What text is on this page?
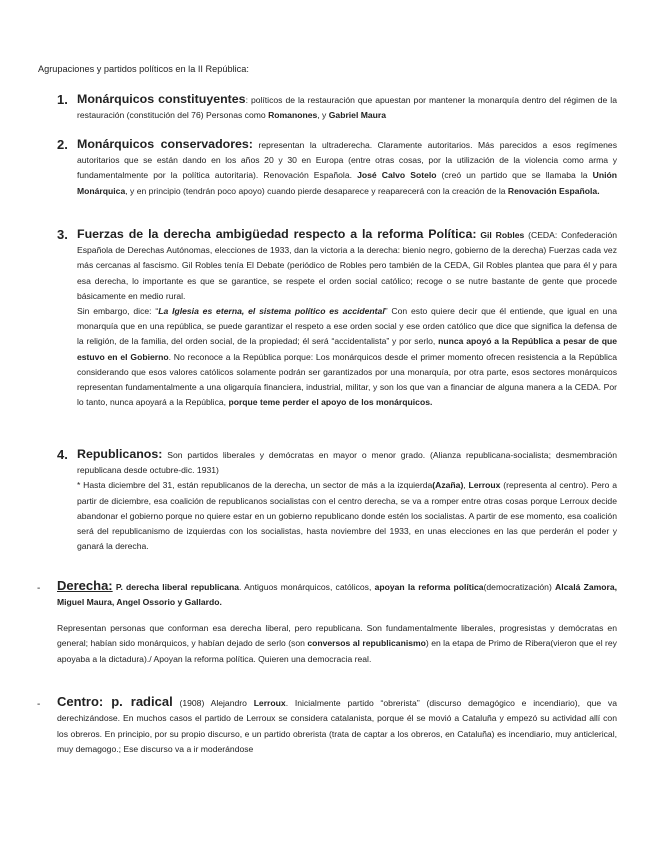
Agrupaciones y partidos políticos en la II República:
1. Monárquicos constituyentes: políticos de la restauración que apuestan por mantener la monarquía dentro del régimen de la restauración (constitución del 76) Personas como Romanones, y Gabriel Maura
2. Monárquicos conservadores: representan la ultraderecha. Claramente autoritarios. Más parecidos a esos regímenes autoritarios que se están dando en los años 20 y 30 en Europa (entre otras cosas, por la utilización de la violencia como arma y fundamentalmente por la política autoritaria). Renovación Española. José Calvo Sotelo (creó un partido que se llamaba la Unión Monárquica, y en principio (tendrán poco apoyo) cuando pierde desaparece y reaparecerá con la creación de la Renovación Española.
3. Fuerzas de la derecha ambigüedad respecto a la reforma Política: Gil Robles (CEDA: Confederación Española de Derechas Autónomas, elecciones de 1933, dan la victoria a la derecha: bienio negro, gobierno de la derecha) Fuerzas cada vez más cercanas al fascismo. Gil Robles tenía El Debate (periódico de Robles pero también de la CEDA, Gil Robles plantea que para él y para esa derecha, lo importante es que se garantice, se respete el orden social católico; recoge o se nutre bastante de gente que procede básicamente en medio rural.
Sin embargo, dice: “La Iglesia es eterna, el sistema político es accidental” Con esto quiere decir que él entiende, que igual en una monarquía que en una república, se puede garantizar el respeto a ese orden social y ese orden católico que dice que significa la defensa de la religión, de la familia, del orden social, de la propiedad; él será “accidentalista” y por serlo, nunca apoyó a la República a pesar de que estuvo en el Gobierno. No reconoce a la República porque: Los monárquicos desde el primer momento ofrecen resistencia a la República considerando que esos valores católicos solamente podrán ser garantizados por una monarquía, por otra parte, esos sectores monárquicos representan fundamentalmente a una oligarquía financiera, industrial, militar, y son los que van a financiar de alguna manera a la CEDA. Por lo tanto, nunca apoyará a la República, porque teme perder el apoyo de los monárquicos.
4. Republicanos: Son partidos liberales y demócratas en mayor o menor grado. (Alianza republicana-socialista; desmembración republicana desde octubre-dic. 1931)
* Hasta diciembre del 31, están republicanos de la derecha, un sector de más a la izquierda(Azaña), Lerroux (representa al centro). Pero a partir de diciembre, esa coalición de republicanos socialistas con el centro derecha, se va a romper entre otras cosas porque Lerroux decide abandonar el gobierno porque no quiere estar en un gobierno republicano donde estén los socialistas. A partir de ese momento, esa coalición será del republicanismo de izquierdas con los socialistas, hasta noviembre del 1933, en unas elecciones en las que perderán el poder y ganará la derecha.
- Derecha: P. derecha liberal republicana. Antiguos monárquicos, católicos, apoyan la reforma política(democratización) Alcalá Zamora, Miguel Maura, Angel Ossorio y Gallardo.
Representan personas que conforman esa derecha liberal, pero republicana. Son fundamentalmente liberales, progresistas y demócratas en general; habían sido monárquicos, y habían dejado de serlo (son conversos al republicanismo) en la etapa de Primo de Ribera(vieron que el rey apoyaba a la dictadura)./ Apoyan la reforma política. Quieren una democracia real.
- Centro: p. radical (1908) Alejandro Lerroux. Inicialmente partido “obrerista” (discurso demagógico e incendiario), que va derechizándose. En muchos casos el partido de Lerroux se considera catalanista, porque él se movió a Cataluña y empezó su actividad allí con los obreros. En principio, por su propio discurso, e un partido obrerista (trata de captar a los obreros, en Cataluña) es incendiario, muy anticlerical, muy demagogo.; Ese discurso va a ir moderándose
